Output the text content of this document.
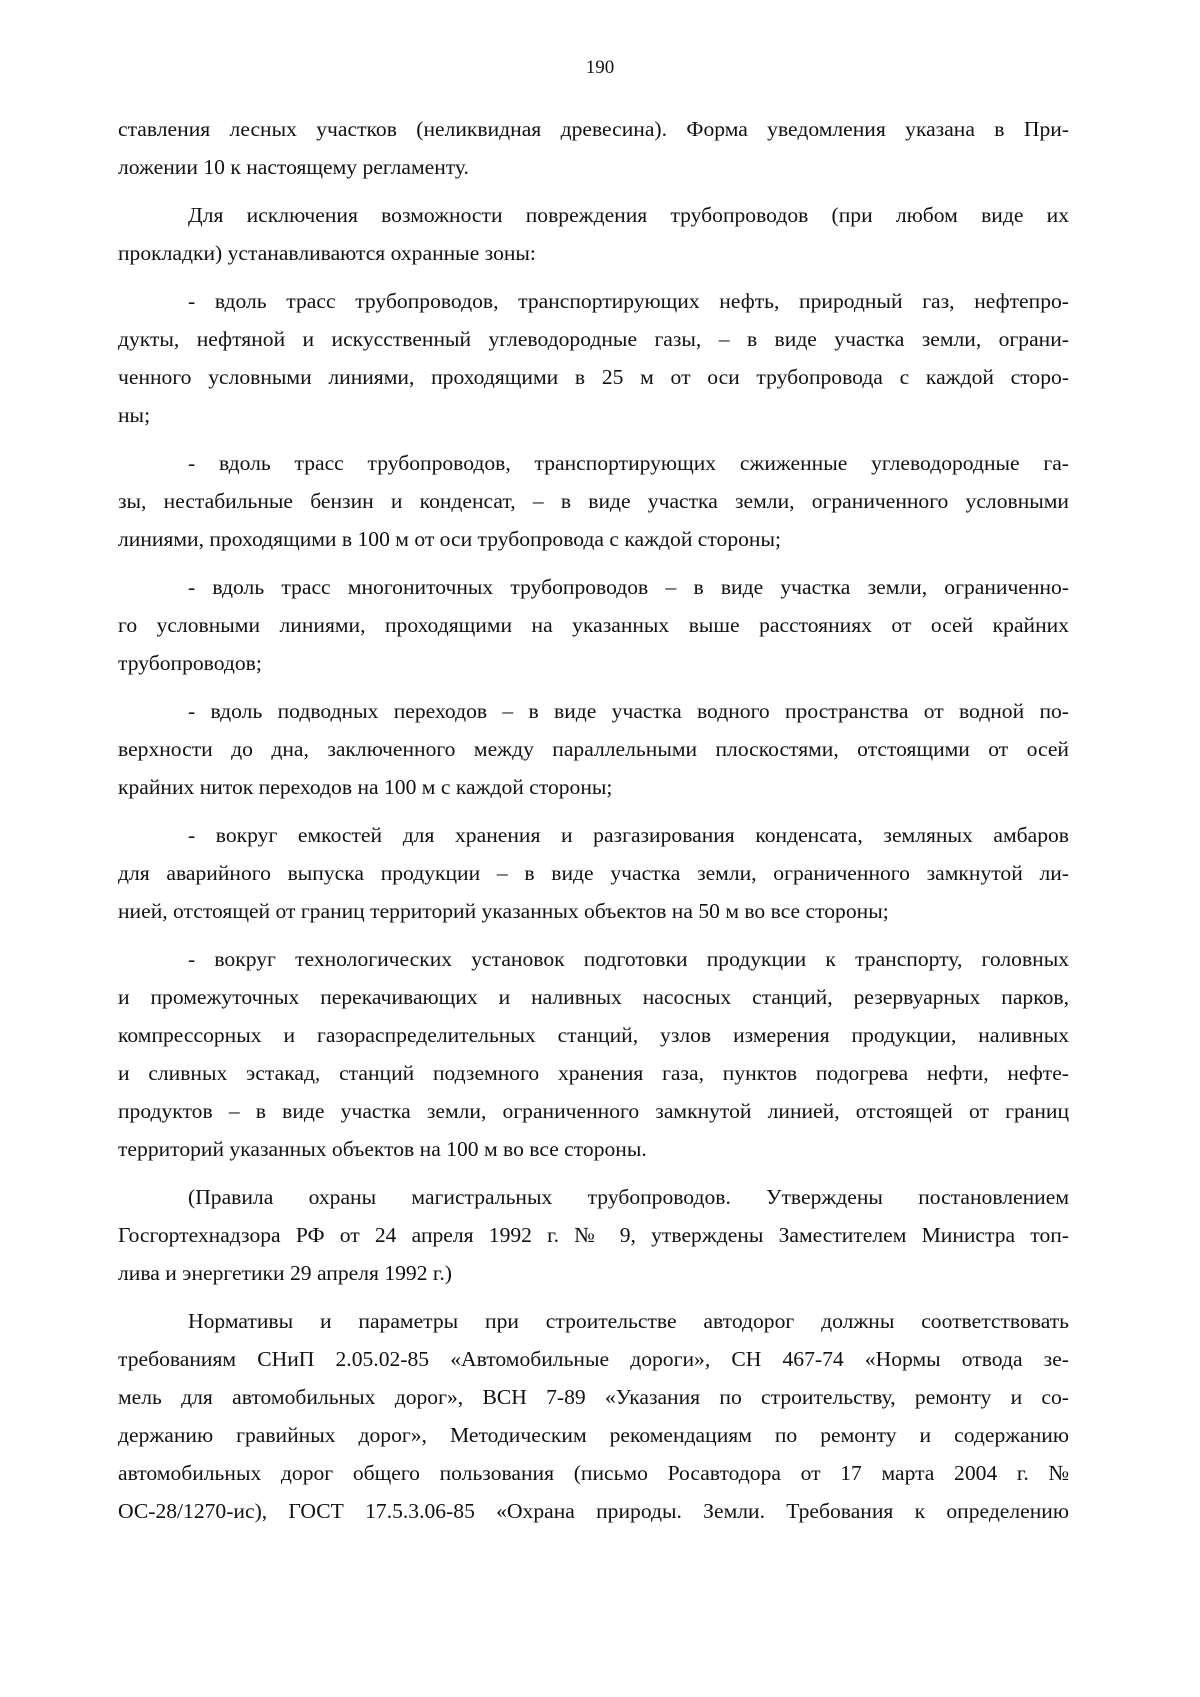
190
ставления лесных участков (неликвидная древесина). Форма уведомления указана в При-
ложении 10 к настоящему регламенту.
Для исключения возможности повреждения трубопроводов (при любом виде их
прокладки) устанавливаются охранные зоны:
- вдоль трасс трубопроводов, транспортирующих нефть, природный газ, нефтепро-
дукты, нефтяной и искусственный углеводородные газы, – в виде участка земли, ограни-
ченного условными линиями, проходящими в 25 м от оси трубопровода с каждой сторо-
ны;
- вдоль трасс трубопроводов, транспортирующих сжиженные углеводородные га-
зы, нестабильные бензин и конденсат, – в виде участка земли, ограниченного условными
линиями, проходящими в 100 м от оси трубопровода с каждой стороны;
- вдоль трасс многониточных трубопроводов – в виде участка земли, ограниченно-
го условными линиями, проходящими на указанных выше расстояниях от осей крайних
трубопроводов;
- вдоль подводных переходов – в виде участка водного пространства от водной по-
верхности до дна, заключенного между параллельными плоскостями, отстоящими от осей
крайних ниток переходов на 100 м с каждой стороны;
- вокруг емкостей для хранения и разгазирования конденсата, земляных амбаров
для аварийного выпуска продукции – в виде участка земли, ограниченного замкнутой ли-
нией, отстоящей от границ территорий указанных объектов на 50 м во все стороны;
- вокруг технологических установок подготовки продукции к транспорту, головных
и промежуточных перекачивающих и наливных насосных станций, резервуарных парков,
компрессорных и газораспределительных станций, узлов измерения продукции, наливных
и сливных эстакад, станций подземного хранения газа, пунктов подогрева нефти, нефте-
продуктов – в виде участка земли, ограниченного замкнутой линией, отстоящей от границ
территорий указанных объектов на 100 м во все стороны.
(Правила охраны магистральных трубопроводов. Утверждены постановлением
Госгортехнадзора РФ от 24 апреля 1992 г. № 9, утверждены Заместителем Министра топ-
лива и энергетики 29 апреля 1992 г.)
Нормативы и параметры при строительстве автодорог должны соответствовать
требованиям СНиП 2.05.02-85 «Автомобильные дороги», СН 467-74 «Нормы отвода зе-
мель для автомобильных дорог», ВСН 7-89 «Указания по строительству, ремонту и со-
держанию гравийных дорог», Методическим рекомендациям по ремонту и содержанию
автомобильных дорог общего пользования (письмо Росавтодора от 17 марта 2004 г. №
ОС-28/1270-ис), ГОСТ 17.5.3.06-85 «Охрана природы. Земли. Требования к определению
